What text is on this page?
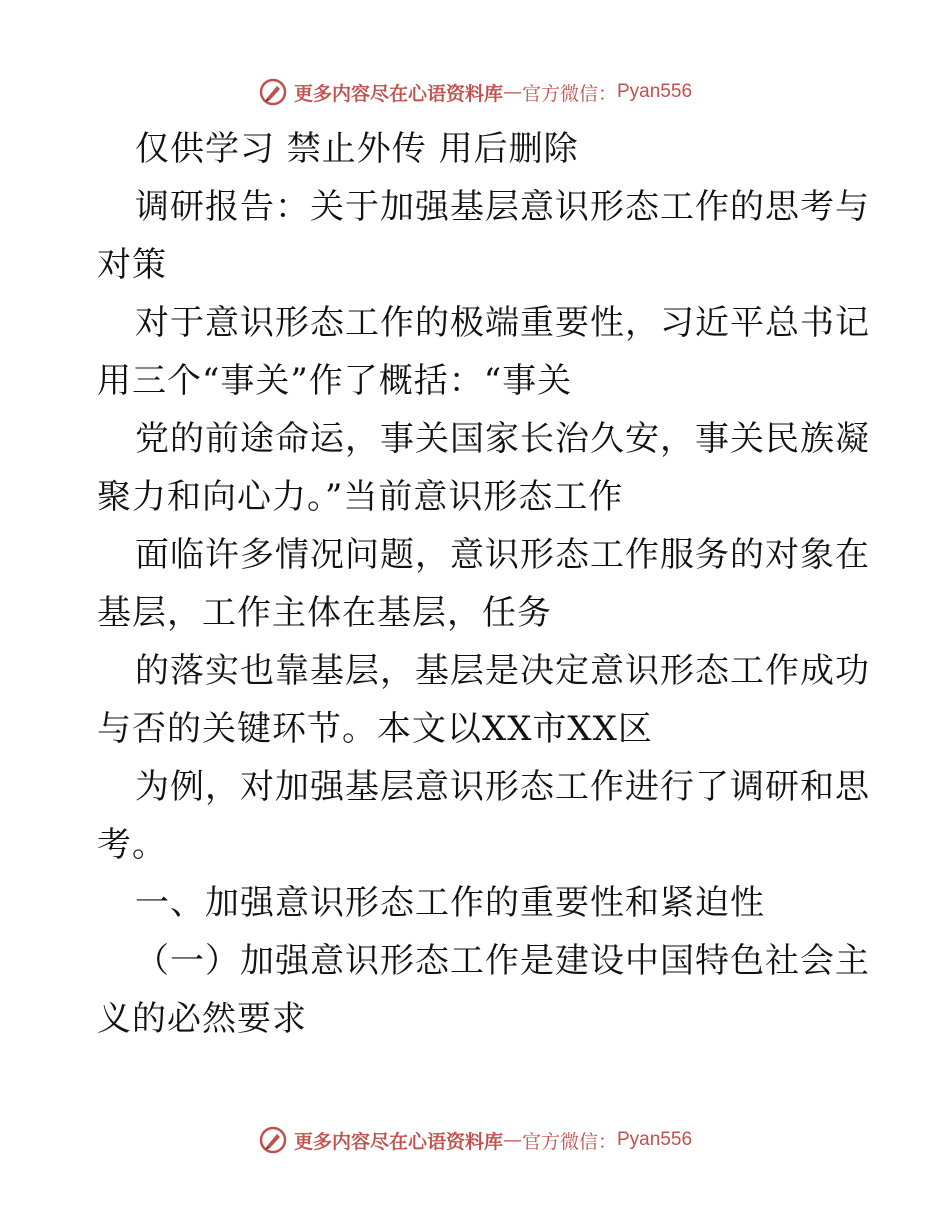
更多内容尽在心语资料库 — 官方微信： Pyan556
仅供学习 禁止外传 用后删除
调研报告：关于加强基层意识形态工作的思考与
对策
对于意识形态工作的极端重要性，习近平总书记
用三个“事关”作了概括：“事关
党的前途命运，事关国家长治久安，事关民族凝
聚力和向心力。”当前意识形态工作
面临许多情况问题，意识形态工作服务的对象在
基层，工作主体在基层，任务
的落实也靠基层，基层是决定意识形态工作成功
与否的关键环节。本文以XX市XX区
为例，对加强基层意识形态工作进行了调研和思
考。
一、加强意识形态工作的重要性和紧迫性
（一）加强意识形态工作是建设中国特色社会主
义的必然要求
更多内容尽在心语资料库 — 官方微信： Pyan556
